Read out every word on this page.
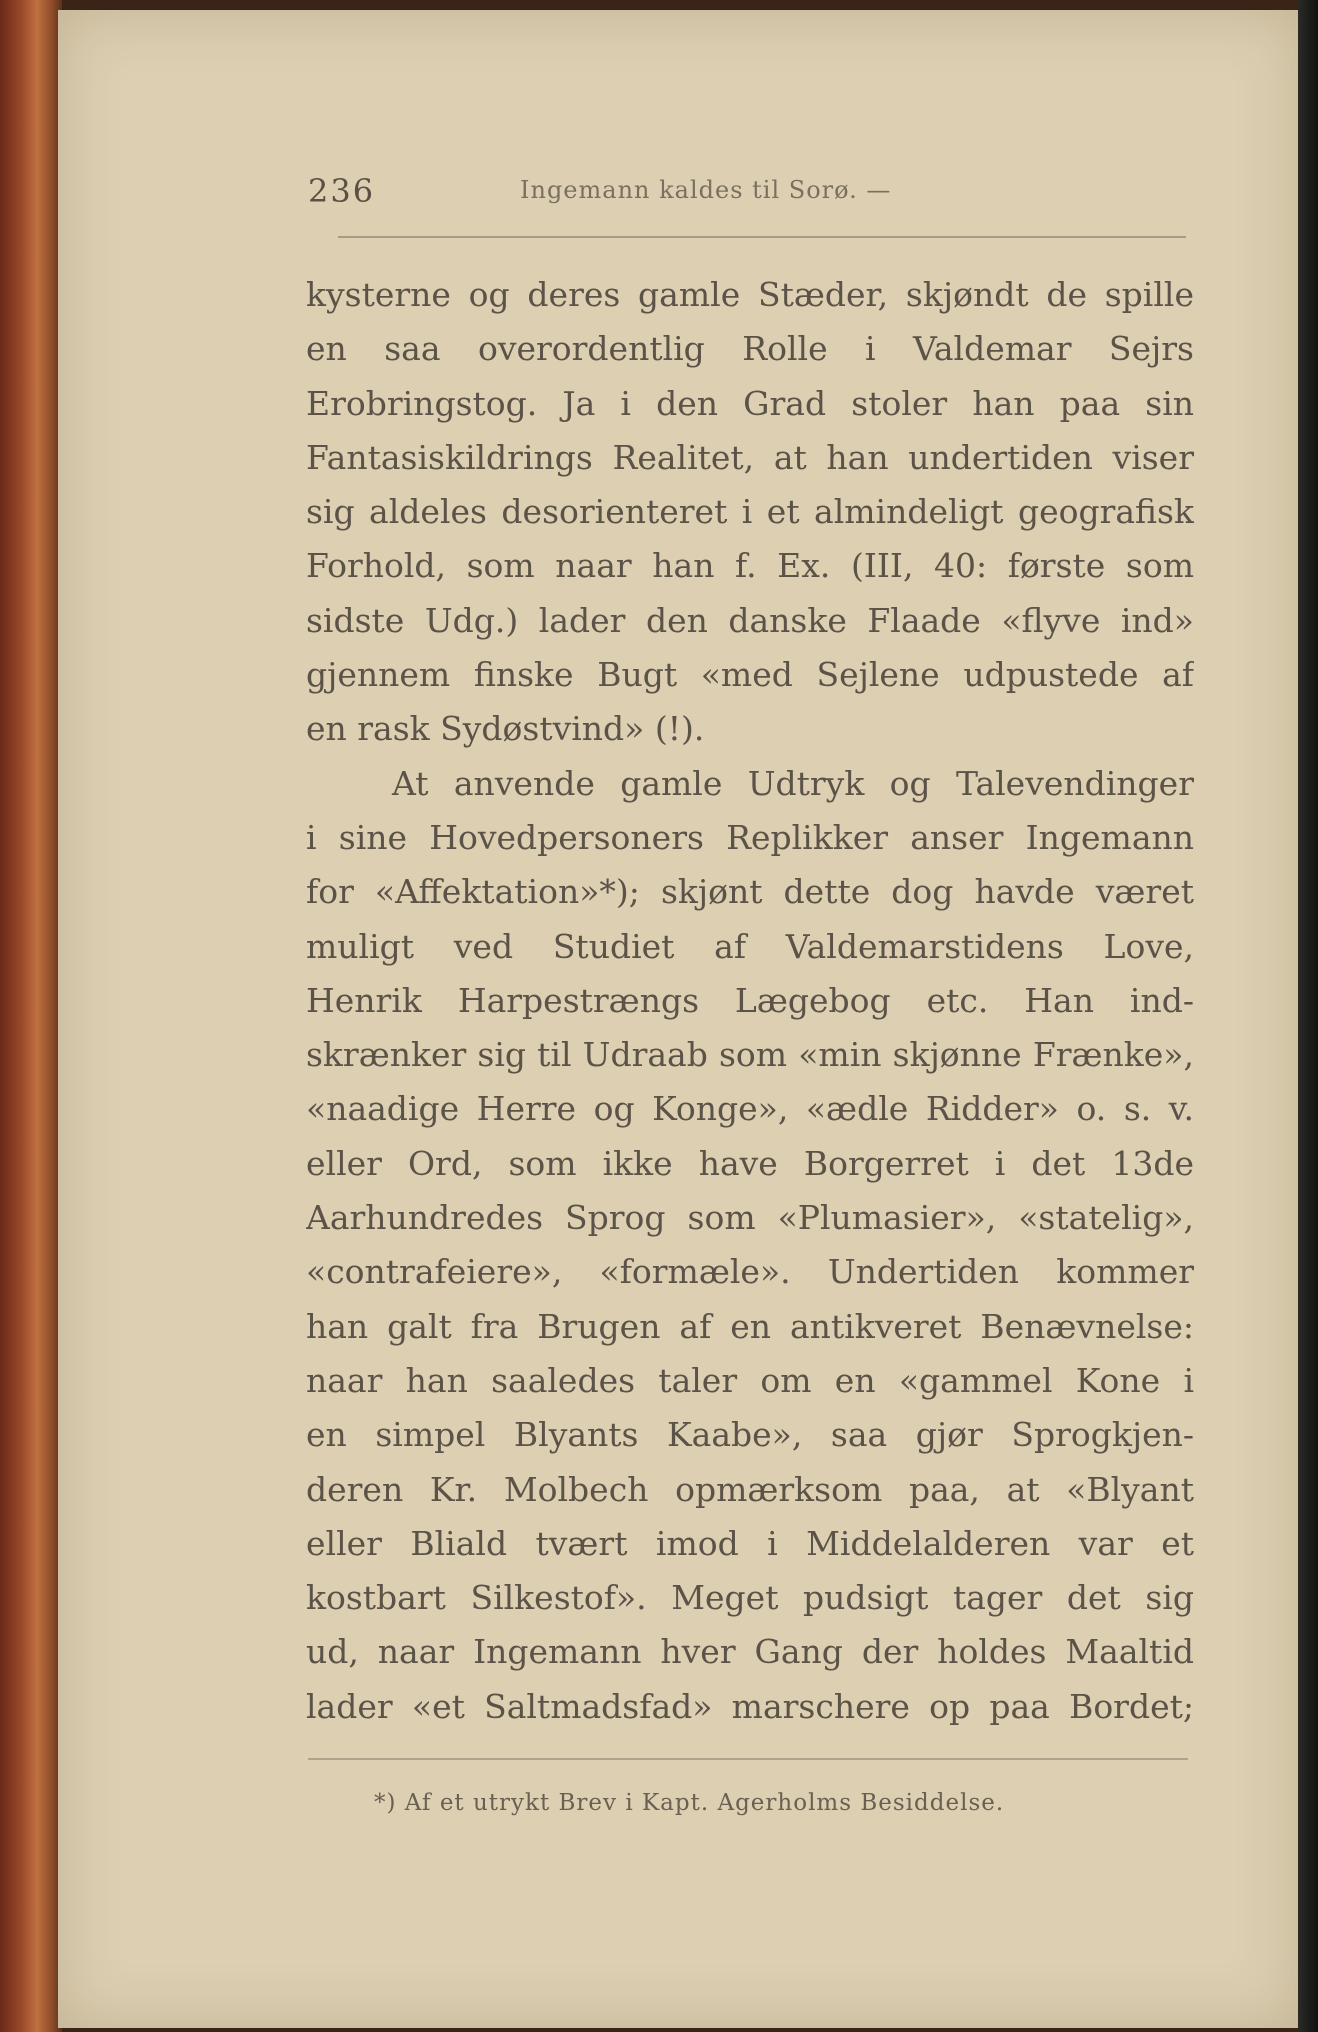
236	Ingemann kaldes til Sorø. —
kysterne og deres gamle Stæder, skjøndt de spille
en saa overordentlig Rolle i Valdemar Sejrs
Erobringstog. Ja i den Grad stoler han paa sin
Fantasiskildrings Realitet, at han undertiden viser
sig aldeles desorienteret i et almindeligt geografisk
Forhold, som naar han f. Ex. (III, 40: første som
sidste Udg.) lader den danske Flaade «flyve ind»
gjennem finske Bugt «med Sejlene udpustede af
en rask Sydøstvind» (!).
At anvende gamle Udtryk og Talevendinger
i sine Hovedpersoners Replikker anser Ingemann
for «Affektation»*); skjønt dette dog havde været
muligt ved Studiet af Valdemarstidens Love,
Henrik Harpestrængs Lægebog etc. Han ind-
skrænker sig til Udraab som «min skjønne Frænke»,
«naadige Herre og Konge», «ædle Ridder» o. s. v.
eller Ord, som ikke have Borgerret i det 13de
Aarhundredes Sprog som «Plumasier», «statelig»,
«contrafeiere», «formæle». Undertiden kommer
han galt fra Brugen af en antikveret Benævnelse:
naar han saaledes taler om en «gammel Kone i
en simpel Blyants Kaabe», saa gjør Sprogkjen-
deren Kr. Molbech opmærksom paa, at «Blyant
eller Bliald tvært imod i Middelalderen var et
kostbart Silkestof». Meget pudsigt tager det sig
ud, naar Ingemann hver Gang der holdes Maaltid
lader «et Saltmadsfad» marschere op paa Bordet;
*) Af et utrykt Brev i Kapt. Agerholms Besiddelse.
